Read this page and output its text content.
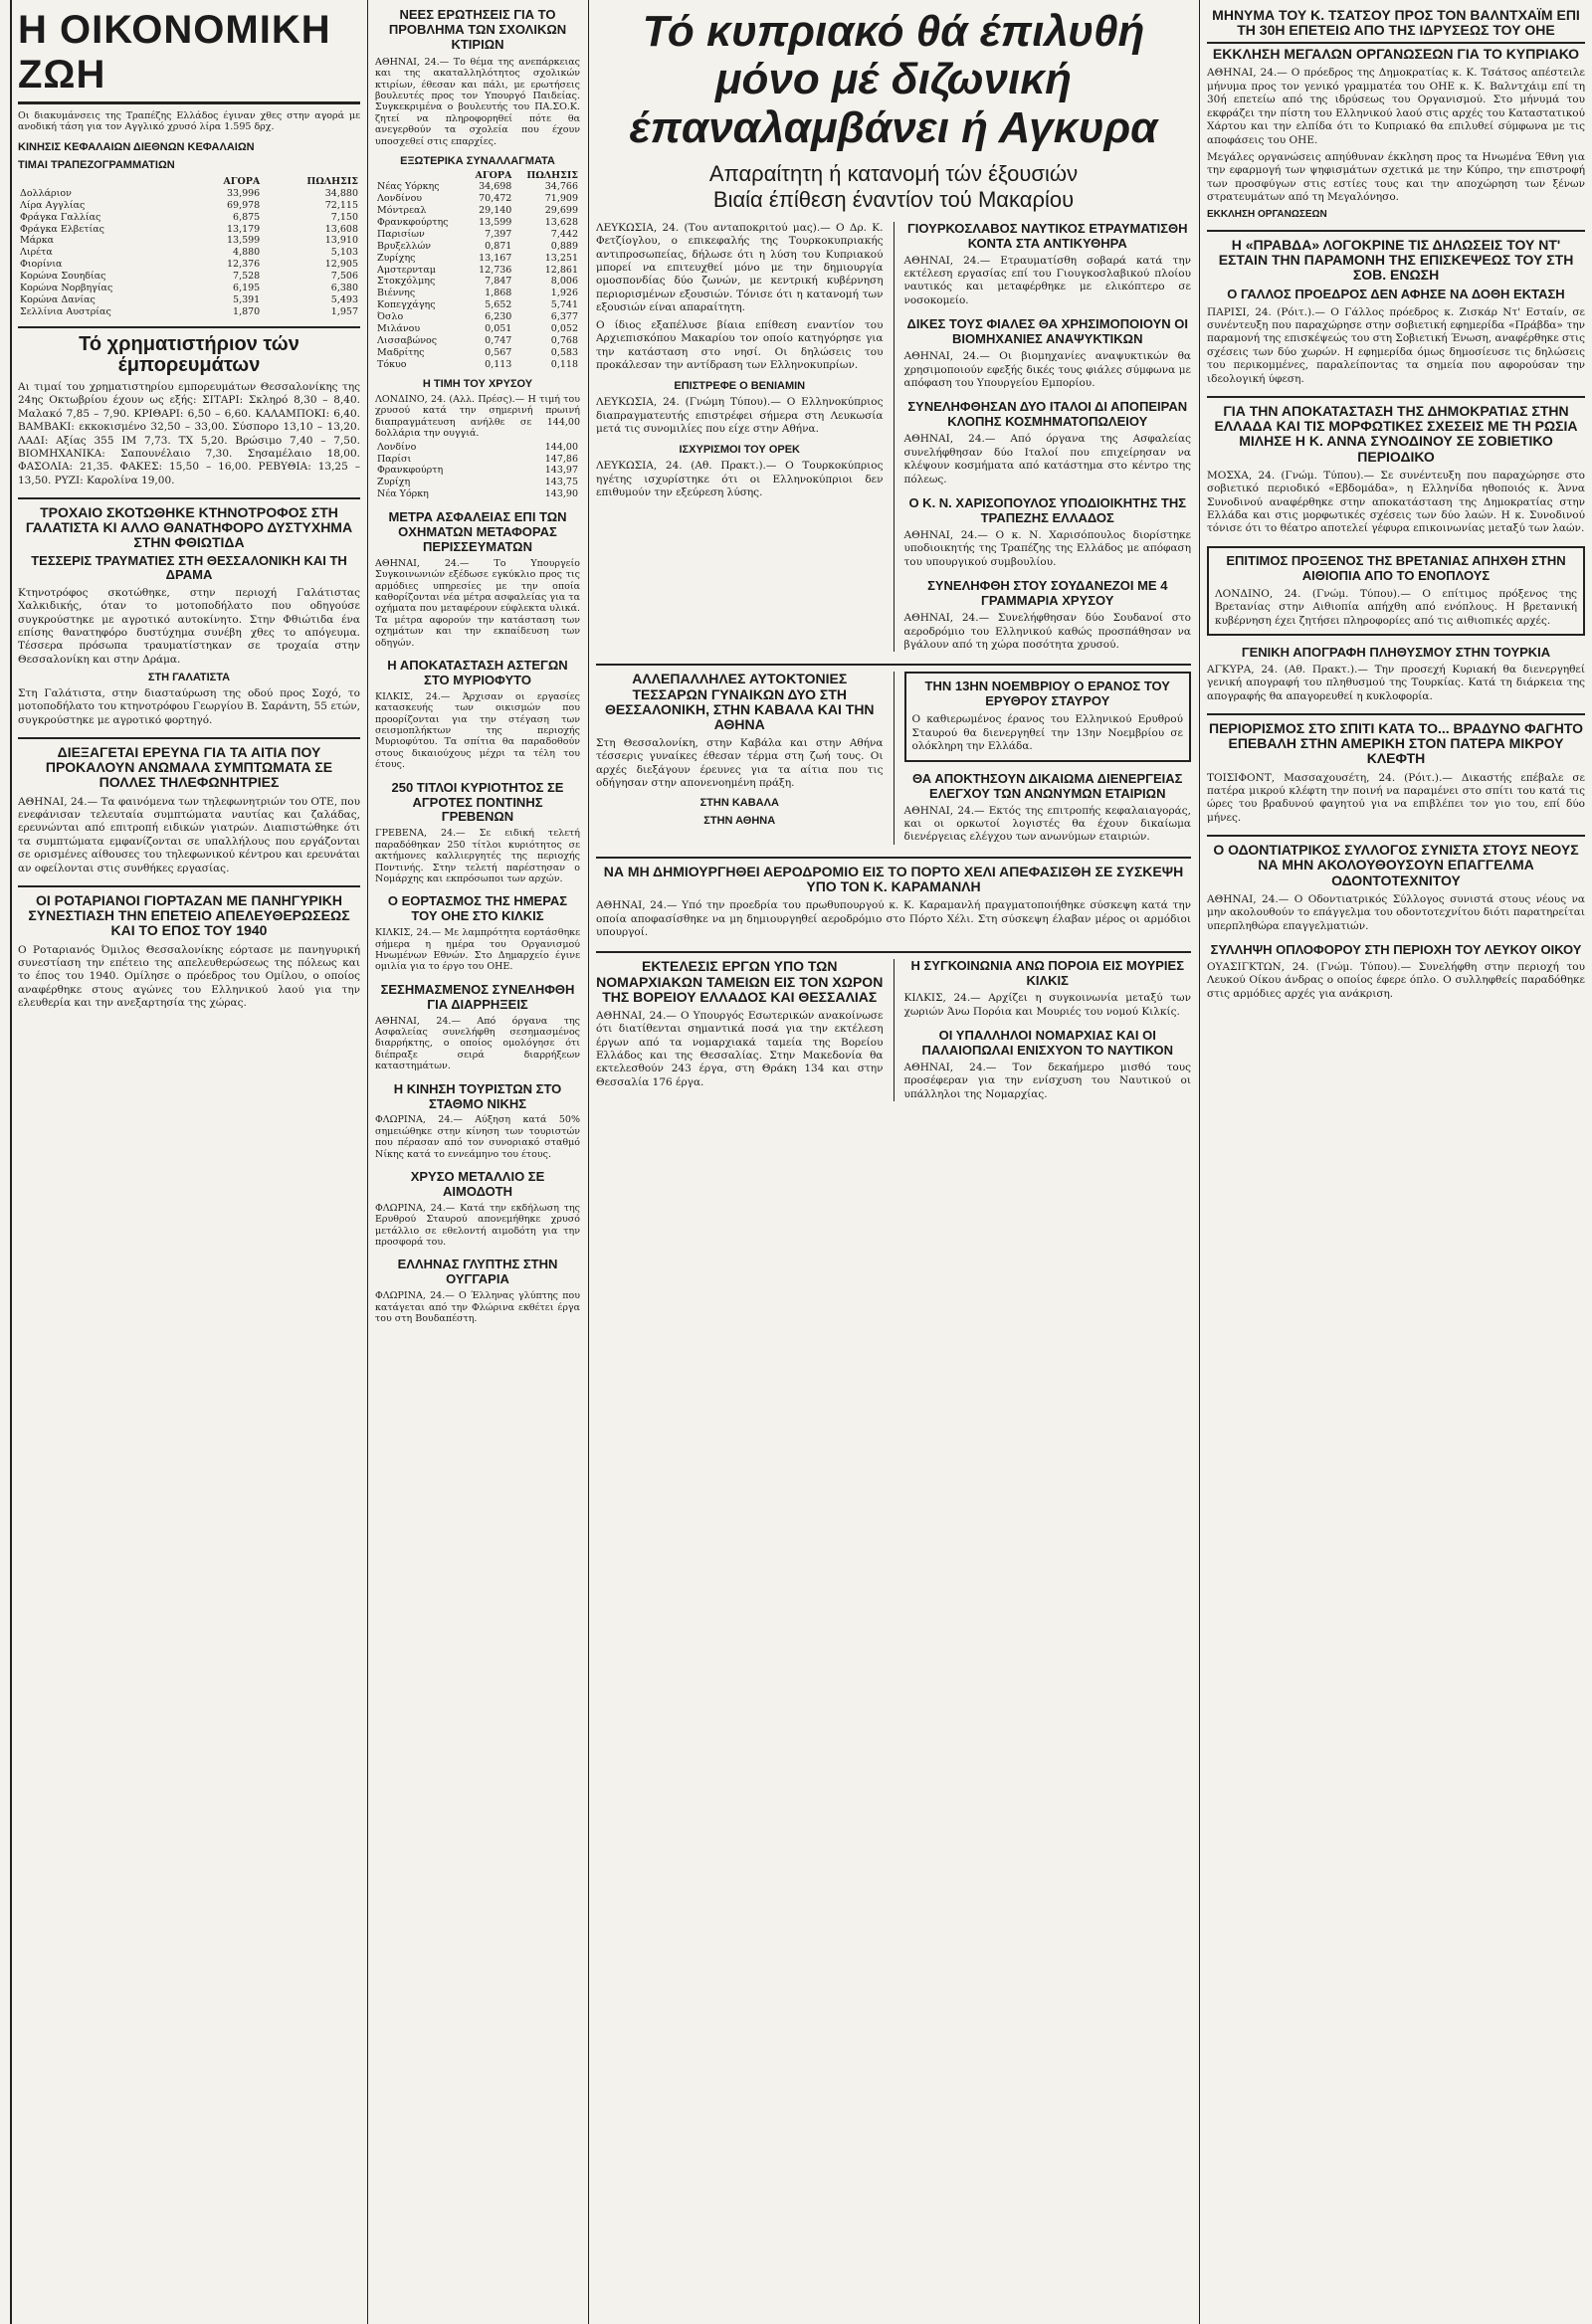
Η ΟΙΚΟΝΟΜΙΚΗ ΖΩΗ
Οι διακυμάνσεις της Τραπέζης Ελλάδος έγιναν χθες στην αγορά με ανοδική τάση για τον Αγγλικό χρυσό λίρα 1.595 δρχ.
ΚΙΝΗΣΙΣ ΚΕΦΑΛΑΙΩΝ ΔΙΕΘΝΩΝ ΚΕΦΑΛΑΙΩΝ
ΤΙΜΑΙ ΤΡΑΠΕΖΟΓΡΑΜΜΑΤΙΩΝ
	ΑΓΟΡΑ	ΠΩΛΗΣΙΣ
Δολλάριον	33,996	34,880
Λίρα Αγγλίας	69,978	72,115
Φράγκα Γαλλίας	6,875	7,150
Φράγκα Ελβετίας	13,179	13,608
Μάρκα	13,599	13,910
Λιρέτα	4,880	5,103
Φιορίνια	12,376	12,905
Κορώνα Σουηδίας	7,528	7,506
Κορώνα Νορβηγίας	6,195	6,380
Κορώνα Δανίας	5,391	5,493
Σελλίνια Αυστρίας	1,870	1,957
Τό χρηματιστήριον τών έμπορευμάτων
Αι τιμαί του χρηματιστηρίου εμπορευμάτων Θεσσαλονίκης της 24ης Οκτωβρίου έχουν ως εξής: ΣΙΤΑΡΙ: Σκληρό 8,30 – 8,40. Μαλακό 7,85 – 7,90. ΚΡΙΘΑΡΙ: 6,50 – 6,60. ΚΑΛΑΜΠΟΚΙ: 6,40. ΒΑΜΒΑΚΙ: εκκοκισμένο 32,50 – 33,00. Σύσπορο 13,10 – 13,20. ΛΑΔΙ: Αξίας 355 ΙΜ 7,73. ΤΧ 5,20. Βρώσιμο 7,40 – 7,50. ΒΙΟΜΗΧΑΝΙΚΑ: Σαπουνέλαιο 7,30. Σησαμέλαιο 18,00. ΦΑΣΟΛΙΑ: 21,35. ΦΑΚΕΣ: 15,50 – 16,00. ΡΕΒΥΘΙΑ: 13,25 – 13,50. ΡΥΖΙ: Καρολίνα 19,00.
ΤΡΟΧΑΙΟ ΣΚΟΤΩΘΗΚΕ ΚΤΗΝΟΤΡΟΦΟΣ ΣΤΗ ΓΑΛΑΤΙΣΤΑ ΚΙ ΑΛΛΟ ΘΑΝΑΤΗΦΟΡΟ ΔΥΣΤΥΧΗΜΑ ΣΤΗΝ ΦΘΙΩΤΙΔΑ
ΤΕΣΣΕΡΙΣ ΤΡΑΥΜΑΤΙΕΣ ΣΤΗ ΘΕΣΣΑΛΟΝΙΚΗ ΚΑΙ ΤΗ ΔΡΑΜΑ
Κτηνοτρόφος σκοτώθηκε, στην περιοχή Γαλάτιστας Χαλκιδικής, όταν το μοτοποδήλατο που οδηγούσε συγκρούστηκε με αγροτικό αυτοκίνητο. Στην Φθιώτιδα ένα επίσης θανατηφόρο δυστύχημα συνέβη χθες το απόγευμα. Τέσσερα πρόσωπα τραυματίστηκαν σε τροχαία στην Θεσσαλονίκη και στην Δράμα.
ΣΤΗ ΓΑΛΑΤΙΣΤΑ
Στη Γαλάτιστα, στην διασταύρωση της οδού προς Σοχό, το μοτοποδήλατο του κτηνοτρόφου Γεωργίου Β. Σαράντη, 55 ετών, συγκρούστηκε με αγροτικό φορτηγό.
ΔΙΕΞΑΓΕΤΑΙ ΕΡΕΥΝΑ ΓΙΑ ΤΑ ΑΙΤΙΑ ΠΟΥ ΠΡΟΚΑΛΟΥΝ ΑΝΩΜΑΛΑ ΣΥΜΠΤΩΜΑΤΑ ΣΕ ΠΟΛΛΕΣ ΤΗΛΕΦΩΝΗΤΡΙΕΣ
ΑΘΗΝΑΙ, 24.— Τα φαινόμενα των τηλεφωνητριών του ΟΤΕ, που ενεφάνισαν τελευταία συμπτώματα ναυτίας και ζαλάδας, ερευνώνται από επιτροπή ειδικών γιατρών. Διαπιστώθηκε ότι τα συμπτώματα εμφανίζονται σε υπαλλήλους που εργάζονται σε ορισμένες αίθουσες του τηλεφωνικού κέντρου και ερευνάται αν οφείλονται στις συνθήκες εργασίας.
ΟΙ ΡΟΤΑΡΙΑΝΟΙ ΓΙΟΡΤΑΖΑΝ ΜΕ ΠΑΝΗΓΥΡΙΚΗ ΣΥΝΕΣΤΙΑΣΗ ΤΗΝ ΕΠΕΤΕΙΟ ΑΠΕΛΕΥΘΕΡΩΣΕΩΣ ΚΑΙ ΤΟ ΕΠΟΣ ΤΟΥ 1940
Ο Ροταριανός Όμιλος Θεσσαλονίκης εόρτασε με πανηγυρική συνεστίαση την επέτειο της απελευθερώσεως της πόλεως και το έπος του 1940. Ομίλησε ο πρόεδρος του Ομίλου, ο οποίος αναφέρθηκε στους αγώνες του Ελληνικού λαού για την ελευθερία και την ανεξαρτησία της χώρας.
ΝΕΕΣ ΕΡΩΤΗΣΕΙΣ ΓΙΑ ΤΟ ΠΡΟΒΛΗΜΑ ΤΩΝ ΣΧΟΛΙΚΩΝ ΚΤΙΡΙΩΝ
ΑΘΗΝΑΙ, 24.— Το θέμα της ανεπάρκειας και της ακαταλληλότητος σχολικών κτιρίων, έθεσαν και πάλι, με ερωτήσεις βουλευτές προς τον Υπουργό Παιδείας. Συγκεκριμένα ο βουλευτής του ΠΑ.ΣΟ.Κ. ζητεί να πληροφορηθεί πότε θα ανεγερθούν τα σχολεία που έχουν υποσχεθεί στις επαρχίες.
ΕΞΩΤΕΡΙΚΑ ΣΥΝΑΛΛΑΓΜΑΤΑ
	ΑΓΟΡΑ	ΠΩΛΗΣΙΣ
Νέας Υόρκης	34,698	34,766
Λονδίνου	70,472	71,909
Μόντρεαλ	29,140	29,699
Φρανκφούρτης	13,599	13,628
Παρισίων	7,397	7,442
Βρυξελλών	0,871	0,889
Ζυρίχης	13,167	13,251
Αμστερνταμ	12,736	12,861
Στοκχόλμης	7,847	8,006
Βιέννης	1,868	1,926
Κοπεγχάγης	5,652	5,741
Όσλο	6,230	6,377
Μιλάνου	0,051	0,052
Λισσαβώνος	0,747	0,768
Μαδρίτης	0,567	0,583
Τόκυο	0,113	0,118
Η ΤΙΜΗ ΤΟΥ ΧΡΥΣΟΥ
ΛΟΝΔΙΝΟ, 24. (Αλλ. Πρέσς).— Η τιμή του χρυσού κατά την σημερινή πρωινή διαπραγμάτευση ανήλθε σε 144,00 δολλάρια την ουγγιά.
Λονδίνο	144,00
Παρίσι	147,86
Φρανκφούρτη	143,97
Ζυρίχη	143,75
Νέα Υόρκη	143,90
ΜΕΤΡΑ ΑΣΦΑΛΕΙΑΣ ΕΠΙ ΤΩΝ ΟΧΗΜΑΤΩΝ ΜΕΤΑΦΟΡΑΣ ΠΕΡΙΣΣΕΥΜΑΤΩΝ
ΑΘΗΝΑΙ, 24.— Το Υπουργείο Συγκοινωνιών εξέδωσε εγκύκλιο προς τις αρμόδιες υπηρεσίες με την οποία καθορίζονται νέα μέτρα ασφαλείας για τα οχήματα που μεταφέρουν εύφλεκτα υλικά. Τα μέτρα αφορούν την κατάσταση των οχημάτων και την εκπαίδευση των οδηγών.
Η ΑΠΟΚΑΤΑΣΤΑΣΗ ΑΣΤΕΓΩΝ ΣΤΟ ΜΥΡΙΟΦΥΤΟ
ΚΙΛΚΙΣ, 24.— Άρχισαν οι εργασίες κατασκευής των οικισμών που προορίζονται για την στέγαση των σεισμοπλήκτων της περιοχής Μυριοφύτου. Τα σπίτια θα παραδοθούν στους δικαιούχους μέχρι τα τέλη του έτους.
250 ΤΙΤΛΟΙ ΚΥΡΙΟΤΗΤΟΣ ΣΕ ΑΓΡΟΤΕΣ ΠΟΝΤΙΝΗΣ ΓΡΕΒΕΝΩΝ
ΓΡΕΒΕΝΑ, 24.— Σε ειδική τελετή παραδόθηκαν 250 τίτλοι κυριότητος σε ακτήμονες καλλιεργητές της περιοχής Ποντινής. Στην τελετή παρέστησαν ο Νομάρχης και εκπρόσωποι των αρχών.
Ο ΕΟΡΤΑΣΜΟΣ ΤΗΣ ΗΜΕΡΑΣ ΤΟΥ ΟΗΕ ΣΤΟ ΚΙΛΚΙΣ
ΚΙΛΚΙΣ, 24.— Με λαμπρότητα εορτάσθηκε σήμερα η ημέρα του Οργανισμού Ηνωμένων Εθνών. Στο Δημαρχείο έγινε ομιλία για το έργο του ΟΗΕ.
ΣΕΣΗΜΑΣΜΕΝΟΣ ΣΥΝΕΛΗΦΘΗ ΓΙΑ ΔΙΑΡΡΗΞΕΙΣ
ΑΘΗΝΑΙ, 24.— Από όργανα της Ασφαλείας συνελήφθη σεσημασμένος διαρρήκτης, ο οποίος ομολόγησε ότι διέπραξε σειρά διαρρήξεων καταστημάτων.
Η ΚΙΝΗΣΗ ΤΟΥΡΙΣΤΩΝ ΣΤΟ ΣΤΑΘΜΟ ΝΙΚΗΣ
ΦΛΩΡΙΝΑ, 24.— Αύξηση κατά 50% σημειώθηκε στην κίνηση των τουριστών που πέρασαν από τον συνοριακό σταθμό Νίκης κατά το εννεάμηνο του έτους.
ΧΡΥΣΟ ΜΕΤΑΛΛΙΟ ΣΕ ΑΙΜΟΔΟΤΗ
ΦΛΩΡΙΝΑ, 24.— Κατά την εκδήλωση της Ερυθρού Σταυρού απονεμήθηκε χρυσό μετάλλιο σε εθελοντή αιμοδότη για την προσφορά του.
ΕΛΛΗΝΑΣ ΓΛΥΠΤΗΣ ΣΤΗΝ ΟΥΓΓΑΡΙΑ
ΦΛΩΡΙΝΑ, 24.— Ο Έλληνας γλύπτης που κατάγεται από την Φλώρινα εκθέτει έργα του στη Βουδαπέστη.
Τό κυπριακό θά έπιλυθή μόνο μέ διζωνική έπαναλαμβάνει ή Αγκυρα
Απαραίτητη ή κατανομή τών έξουσιών
Βιαία έπίθεση έναντίον τού Μακαρίου
ΛΕΥΚΩΣΙΑ, 24. (Του ανταποκριτού μας).— Ο Δρ. Κ. Φετζίογλου, ο επικεφαλής της Τουρκοκυπριακής αντιπροσωπείας, δήλωσε ότι η λύση του Κυπριακού μπορεί να επιτευχθεί μόνο με την δημιουργία ομοσπονδίας δύο ζωνών, με κεντρική κυβέρνηση περιορισμένων εξουσιών. Τόνισε ότι η κατανομή των εξουσιών είναι απαραίτητη.
Ο ίδιος εξαπέλυσε βίαια επίθεση εναντίον του Αρχιεπισκόπου Μακαρίου τον οποίο κατηγόρησε για την κατάσταση στο νησί. Οι δηλώσεις του προκάλεσαν την αντίδραση των Ελληνοκυπρίων.
ΕΠΙΣΤΡΕΦΕ Ο ΒΕΝΙΑΜΙΝ
ΛΕΥΚΩΣΙΑ, 24. (Γνώμη Τύπου).— Ο Ελληνοκύπριος διαπραγματευτής επιστρέφει σήμερα στη Λευκωσία μετά τις συνομιλίες που είχε στην Αθήνα.
ΙΣΧΥΡΙΣΜΟΙ ΤΟΥ ΟΡΕΚ
ΛΕΥΚΩΣΙΑ, 24. (Αθ. Πρακτ.).— Ο Τουρκοκύπριος ηγέτης ισχυρίστηκε ότι οι Ελληνοκύπριοι δεν επιθυμούν την εξεύρεση λύσης.
ΓΙΟΥΡΚΟΣΛΑΒΟΣ ΝΑΥΤΙΚΟΣ ΕΤΡΑΥΜΑΤΙΣΘΗ ΚΟΝΤΑ ΣΤΑ ΑΝΤΙΚΥΘΗΡΑ
ΑΘΗΝΑΙ, 24.— Ετραυματίσθη σοβαρά κατά την εκτέλεση εργασίας επί του Γιουγκοσλαβικού πλοίου ναυτικός και μεταφέρθηκε με ελικόπτερο σε νοσοκομείο.
ΔΙΚΕΣ ΤΟΥΣ ΦΙΑΛΕΣ ΘΑ ΧΡΗΣΙΜΟΠΟΙΟΥΝ ΟΙ ΒΙΟΜΗΧΑΝΙΕΣ ΑΝΑΨΥΚΤΙΚΩΝ
ΑΘΗΝΑΙ, 24.— Οι βιομηχανίες αναψυκτικών θα χρησιμοποιούν εφεξής δικές τους φιάλες σύμφωνα με απόφαση του Υπουργείου Εμπορίου.
ΣΥΝΕΛΗΦΘΗΣΑΝ ΔΥΟ ΙΤΑΛΟΙ ΔΙ ΑΠΟΠΕΙΡΑΝ ΚΛΟΠΗΣ ΚΟΣΜΗΜΑΤΟΠΩΛΕΙΟΥ
ΑΘΗΝΑΙ, 24.— Από όργανα της Ασφαλείας συνελήφθησαν δύο Ιταλοί που επιχείρησαν να κλέψουν κοσμήματα από κατάστημα στο κέντρο της πόλεως.
Ο Κ. Ν. ΧΑΡΙΣΟΠΟΥΛΟΣ ΥΠΟΔΙΟΙΚΗΤΗΣ ΤΗΣ ΤΡΑΠΕΖΗΣ ΕΛΛΑΔΟΣ
ΑΘΗΝΑΙ, 24.— Ο κ. Ν. Χαρισόπουλος διορίστηκε υποδιοικητής της Τραπέζης της Ελλάδος με απόφαση του υπουργικού συμβουλίου.
ΣΥΝΕΛΗΦΘΗ ΣΤΟΥ ΣΟΥΔΑΝΕΖΟΙ ΜΕ 4 ΓΡΑΜΜΑΡΙΑ ΧΡΥΣΟΥ
ΑΘΗΝΑΙ, 24.— Συνελήφθησαν δύο Σουδανοί στο αεροδρόμιο του Ελληνικού καθώς προσπάθησαν να βγάλουν από τη χώρα ποσότητα χρυσού.
ΑΛΛΕΠΑΛΛΗΛΕΣ ΑΥΤΟΚΤΟΝΙΕΣ ΤΕΣΣΑΡΩΝ ΓΥΝΑΙΚΩΝ ΔΥΟ ΣΤΗ ΘΕΣΣΑΛΟΝΙΚΗ, ΣΤΗΝ ΚΑΒΑΛΑ ΚΑΙ ΤΗΝ ΑΘΗΝΑ
Στη Θεσσαλονίκη, στην Καβάλα και στην Αθήνα τέσσερις γυναίκες έθεσαν τέρμα στη ζωή τους. Οι αρχές διεξάγουν έρευνες για τα αίτια που τις οδήγησαν στην απονενοημένη πράξη.
ΣΤΗΝ ΚΑΒΑΛΑ
ΣΤΗΝ ΑΘΗΝΑ
ΤΗΝ 13ΗΝ ΝΟΕΜΒΡΙΟΥ Ο ΕΡΑΝΟΣ ΤΟΥ ΕΡΥΘΡΟΥ ΣΤΑΥΡΟΥ
Ο καθιερωμένος έρανος του Ελληνικού Ερυθρού Σταυρού θα διενεργηθεί την 13ην Νοεμβρίου σε ολόκληρη την Ελλάδα.
ΘΑ ΑΠΟΚΤΗΣΟΥΝ ΔΙΚΑΙΩΜΑ ΔΙΕΝΕΡΓΕΙΑΣ ΕΛΕΓΧΟΥ ΤΩΝ ΑΝΩΝΥΜΩΝ ΕΤΑΙΡΙΩΝ
ΑΘΗΝΑΙ, 24.— Εκτός της επιτροπής κεφαλαιαγοράς, και οι ορκωτοί λογιστές θα έχουν δικαίωμα διενέργειας ελέγχου των ανωνύμων εταιριών.
ΝΑ ΜΗ ΔΗΜΙΟΥΡΓΗΘΕΙ ΑΕΡΟΔΡΟΜΙΟ ΕΙΣ ΤΟ ΠΟΡΤΟ ΧΕΛΙ ΑΠΕΦΑΣΙΣΘΗ ΣΕ ΣΥΣΚΕΨΗ ΥΠΟ ΤΟΝ Κ. ΚΑΡΑΜΑΝΛΗ
ΑΘΗΝΑΙ, 24.— Υπό την προεδρία του πρωθυπουργού κ. Κ. Καραμανλή πραγματοποιήθηκε σύσκεψη κατά την οποία αποφασίσθηκε να μη δημιουργηθεί αεροδρόμιο στο Πόρτο Χέλι. Στη σύσκεψη έλαβαν μέρος οι αρμόδιοι υπουργοί.
ΕΚΤΕΛΕΣΙΣ ΕΡΓΩΝ ΥΠΟ ΤΩΝ ΝΟΜΑΡΧΙΑΚΩΝ ΤΑΜΕΙΩΝ ΕΙΣ ΤΟΝ ΧΩΡΟΝ ΤΗΣ ΒΟΡΕΙΟΥ ΕΛΛΑΔΟΣ ΚΑΙ ΘΕΣΣΑΛΙΑΣ
ΑΘΗΝΑΙ, 24.— Ο Υπουργός Εσωτερικών ανακοίνωσε ότι διατίθενται σημαντικά ποσά για την εκτέλεση έργων από τα νομαρχιακά ταμεία της Βορείου Ελλάδος και της Θεσσαλίας. Στην Μακεδονία θα εκτελεσθούν 243 έργα, στη Θράκη 134 και στην Θεσσαλία 176 έργα.
Η ΣΥΓΚΟΙΝΩΝΙΑ ΑΝΩ ΠΟΡΟΙΑ ΕΙΣ ΜΟΥΡΙΕΣ ΚΙΛΚΙΣ
ΚΙΛΚΙΣ, 24.— Αρχίζει η συγκοινωνία μεταξύ των χωριών Άνω Πορόια και Μουριές του νομού Κιλκίς.
ΟΙ ΥΠΑΛΛΗΛΟΙ ΝΟΜΑΡΧΙΑΣ ΚΑΙ ΟΙ ΠΑΛΑΙΟΠΩΛΑΙ ΕΝΙΣΧΥΟΝ ΤΟ ΝΑΥΤΙΚΟΝ
ΑΘΗΝΑΙ, 24.— Τον δεκαήμερο μισθό τους προσέφεραν για την ενίσχυση του Ναυτικού οι υπάλληλοι της Νομαρχίας.
ΜΗΝΥΜΑ ΤΟΥ Κ. ΤΣΑΤΣΟΥ ΠΡΟΣ ΤΟΝ ΒΑΛΝΤΧΑΪΜ ΕΠΙ ΤΗ 30Η ΕΠΕΤΕΙΩ ΑΠΟ ΤΗΣ ΙΔΡΥΣΕΩΣ ΤΟΥ ΟΗΕ
ΕΚΚΛΗΣΗ ΜΕΓΑΛΩΝ ΟΡΓΑΝΩΣΕΩΝ ΓΙΑ ΤΟ ΚΥΠΡΙΑΚΟ
ΑΘΗΝΑΙ, 24.— Ο πρόεδρος της Δημοκρατίας κ. Κ. Τσάτσος απέστειλε μήνυμα προς τον γενικό γραμματέα του ΟΗΕ κ. Κ. Βαλντχάιμ επί τη 30ή επετείω από της ιδρύσεως του Οργανισμού. Στο μήνυμά του εκφράζει την πίστη του Ελληνικού λαού στις αρχές του Καταστατικού Χάρτου και την ελπίδα ότι το Κυπριακό θα επιλυθεί σύμφωνα με τις αποφάσεις του ΟΗΕ.
Μεγάλες οργανώσεις απηύθυναν έκκληση προς τα Ηνωμένα Έθνη για την εφαρμογή των ψηφισμάτων σχετικά με την Κύπρο, την επιστροφή των προσφύγων στις εστίες τους και την αποχώρηση των ξένων στρατευμάτων από τη Μεγαλόνησο.
ΕΚΚΛΗΣΗ ΟΡΓΑΝΩΣΕΩΝ
Η «ΠΡΑΒΔΑ» ΛΟΓΟΚΡΙΝΕ ΤΙΣ ΔΗΛΩΣΕΙΣ ΤΟΥ ΝΤ' ΕΣΤΑΙΝ ΤΗΝ ΠΑΡΑΜΟΝΗ ΤΗΣ ΕΠΙΣΚΕΨΕΩΣ ΤΟΥ ΣΤΗ ΣΟΒ. ΕΝΩΣΗ
Ο ΓΑΛΛΟΣ ΠΡΟΕΔΡΟΣ ΔΕΝ ΑΦΗΣΕ ΝΑ ΔΟΘΗ ΕΚΤΑΣΗ
ΠΑΡΙΣΙ, 24. (Ρόιτ.).— Ο Γάλλος πρόεδρος κ. Ζισκάρ Ντ' Εσταίν, σε συνέντευξη που παραχώρησε στην σοβιετική εφημερίδα «Πράβδα» την παραμονή της επισκέψεώς του στη Σοβιετική Ένωση, αναφέρθηκε στις σχέσεις των δύο χωρών. Η εφημερίδα όμως δημοσίευσε τις δηλώσεις του περικομμένες, παραλείποντας τα σημεία που αφορούσαν την ιδεολογική ύφεση.
ΓΙΑ ΤΗΝ ΑΠΟΚΑΤΑΣΤΑΣΗ ΤΗΣ ΔΗΜΟΚΡΑΤΙΑΣ ΣΤΗΝ ΕΛΛΑΔΑ ΚΑΙ ΤΙΣ ΜΟΡΦΩΤΙΚΕΣ ΣΧΕΣΕΙΣ ΜΕ ΤΗ ΡΩΣΙΑ ΜΙΛΗΣΕ Η Κ. ΑΝΝΑ ΣΥΝΟΔΙΝΟΥ ΣΕ ΣΟΒΙΕΤΙΚΟ ΠΕΡΙΟΔΙΚΟ
ΜΟΣΧΑ, 24. (Γνώμ. Τύπου).— Σε συνέντευξη που παραχώρησε στο σοβιετικό περιοδικό «Εβδομάδα», η Ελληνίδα ηθοποιός κ. Άννα Συνοδινού αναφέρθηκε στην αποκατάσταση της Δημοκρατίας στην Ελλάδα και στις μορφωτικές σχέσεις των δύο λαών. Η κ. Συνοδινού τόνισε ότι το θέατρο αποτελεί γέφυρα επικοινωνίας μεταξύ των λαών.
ΕΠΙΤΙΜΟΣ ΠΡΟΞΕΝΟΣ ΤΗΣ ΒΡΕΤΑΝΙΑΣ ΑΠΗΧΘΗ ΣΤΗΝ ΑΙΘΙΟΠΙΑ ΑΠΟ ΤΟ ΕΝΟΠΛΟΥΣ
ΛΟΝΔΙΝΟ, 24. (Γνώμ. Τύπου).— Ο επίτιμος πρόξενος της Βρετανίας στην Αιθιοπία απήχθη από ενόπλους. Η βρετανική κυβέρνηση έχει ζητήσει πληροφορίες από τις αιθιοπικές αρχές.
ΓΕΝΙΚΗ ΑΠΟΓΡΑΦΗ ΠΛΗΘΥΣΜΟΥ ΣΤΗΝ ΤΟΥΡΚΙΑ
ΑΓΚΥΡΑ, 24. (Αθ. Πρακτ.).— Την προσεχή Κυριακή θα διενεργηθεί γενική απογραφή του πληθυσμού της Τουρκίας. Κατά τη διάρκεια της απογραφής θα απαγορευθεί η κυκλοφορία.
ΠΕΡΙΟΡΙΣΜΟΣ ΣΤΟ ΣΠΙΤΙ ΚΑΤΑ ΤΟ... ΒΡΑΔΥΝΟ ΦΑΓΗΤΟ ΕΠΕΒΑΛΗ ΣΤΗΝ ΑΜΕΡΙΚΗ ΣΤΟΝ ΠΑΤΕΡΑ ΜΙΚΡΟΥ ΚΛΕΦΤΗ
ΤΟΙΣΙΦΟΝΤ, Μασσαχουσέτη, 24. (Ρόιτ.).— Δικαστής επέβαλε σε πατέρα μικρού κλέφτη την ποινή να παραμένει στο σπίτι του κατά τις ώρες του βραδυνού φαγητού για να επιβλέπει τον γιο του, επί δύο μήνες.
Ο ΟΔΟΝΤΙΑΤΡΙΚΟΣ ΣΥΛΛΟΓΟΣ ΣΥΝΙΣΤΑ ΣΤΟΥΣ ΝΕΟΥΣ ΝΑ ΜΗΝ ΑΚΟΛΟΥΘΟΥΣΟΥΝ ΕΠΑΓΓΕΛΜΑ ΟΔΟΝΤΟΤΕΧΝΙΤΟΥ
ΑΘΗΝΑΙ, 24.— Ο Οδοντιατρικός Σύλλογος συνιστά στους νέους να μην ακολουθούν το επάγγελμα του οδοντοτεχνίτου διότι παρατηρείται υπερπληθώρα επαγγελματιών.
ΣΥΛΛΗΨΗ ΟΠΛΟΦΟΡΟΥ ΣΤΗ ΠΕΡΙΟΧΗ ΤΟΥ ΛΕΥΚΟΥ ΟΙΚΟΥ
ΟΥΑΣΙΓΚΤΩΝ, 24. (Γνώμ. Τύπου).— Συνελήφθη στην περιοχή του Λευκού Οίκου άνδρας ο οποίος έφερε όπλο. Ο συλληφθείς παραδόθηκε στις αρμόδιες αρχές για ανάκριση.
